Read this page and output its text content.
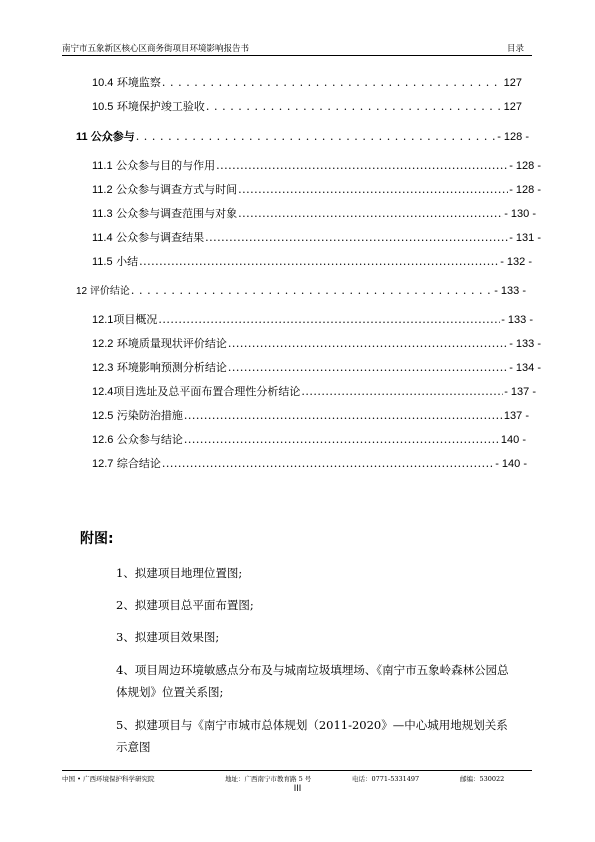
南宁市五象新区核心区商务街项目环境影响报告书	目录
10.4 环境监察 .....	127
10.5 环境保护竣工验收 .....	127
11 公众参与 .....	- 128 -
11.1 公众参与目的与作用 .....	- 128 -
11.2 公众参与调查方式与时间 .....	- 128 -
11.3 公众参与调查范围与对象 .....	- 130 -
11.4 公众参与调查结果 .....	- 131 -
11.5 小结 .....	- 132 -
12 评价结论 .....	- 133 -
12.1项目概况 .....	- 133 -
12.2 环境质量现状评价结论 .....	- 133 -
12.3 环境影响预测分析结论 .....	- 134 -
12.4项目选址及总平面布置合理性分析结论 .....	- 137 -
12.5 污染防治措施 .....	137 -
12.6 公众参与结论 .....	140 -
12.7 综合结论 .....	- 140 -
附图:
1、拟建项目地理位置图;
2、拟建项目总平面布置图;
3、拟建项目效果图;
4、项目周边环境敏感点分布及与城南垃圾填埋场、《南宁市五象岭森林公园总体规划》位置关系图;
5、拟建项目与《南宁市城市总体规划（2011-2020》—中心城用地规划关系示意图
中国 • 广西环境保护科学研究院	地址：广西南宁市教育路 5 号	电话：0771-5331497	邮编：530022
III
